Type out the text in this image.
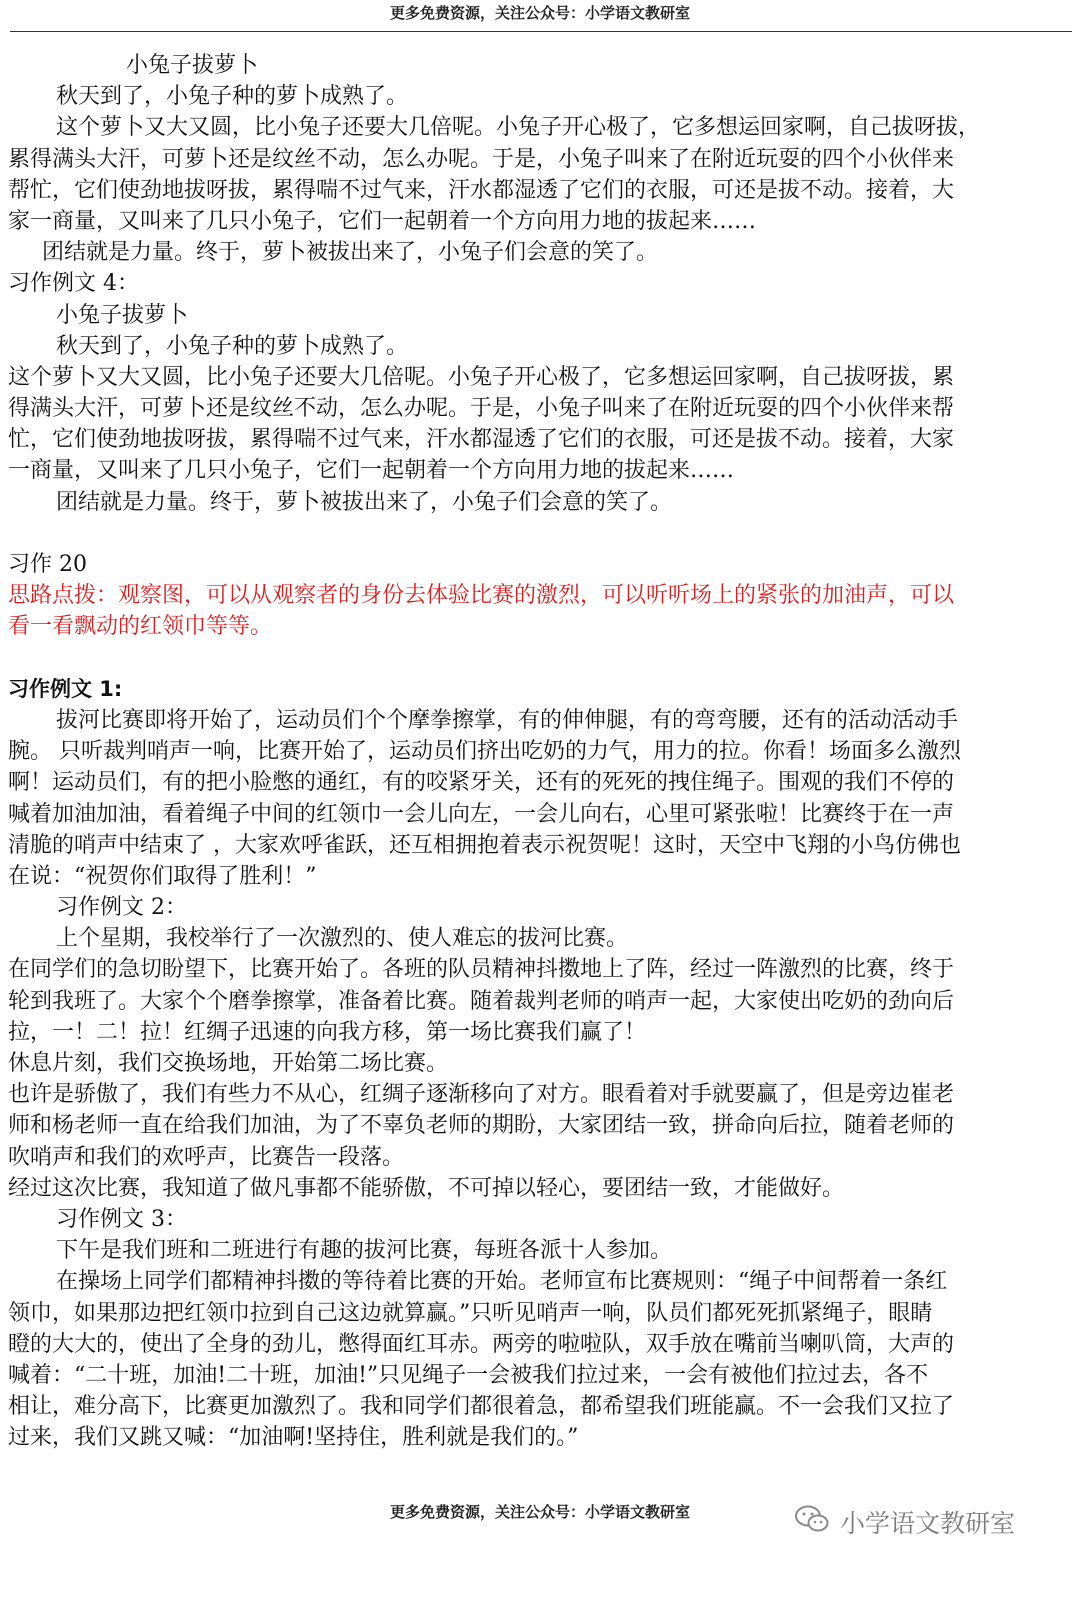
更多免费资源，关注公众号：小学语文教研室
小兔子拔萝卜
秋天到了，小兔子种的萝卜成熟了。
这个萝卜又大又圆，比小兔子还要大几倍呢。小兔子开心极了，它多想运回家啊，自己拔呀拔，
累得满头大汗，可萝卜还是纹丝不动，怎么办呢。于是，小兔子叫来了在附近玩耍的四个小伙伴来
帮忙，它们使劲地拔呀拔，累得喘不过气来，汗水都湿透了它们的衣服，可还是拔不动。接着，大
家一商量，又叫来了几只小兔子，它们一起朝着一个方向用力地的拔起来……
团结就是力量。终于，萝卜被拔出来了，小兔子们会意的笑了。
习作例文 4：
小兔子拔萝卜
秋天到了，小兔子种的萝卜成熟了。
这个萝卜又大又圆，比小兔子还要大几倍呢。小兔子开心极了，它多想运回家啊，自己拔呀拔，累
得满头大汗，可萝卜还是纹丝不动，怎么办呢。于是，小兔子叫来了在附近玩耍的四个小伙伴来帮
忙，它们使劲地拔呀拔，累得喘不过气来，汗水都湿透了它们的衣服，可还是拔不动。接着，大家
一商量，又叫来了几只小兔子，它们一起朝着一个方向用力地的拔起来……
团结就是力量。终于，萝卜被拔出来了，小兔子们会意的笑了。
习作 20
思路点拨：观察图，可以从观察者的身份去体验比赛的激烈，可以听听场上的紧张的加油声，可以
看一看飘动的红领巾等等。
习作例文 1:
拔河比赛即将开始了，运动员们个个摩拳擦掌，有的伸伸腿，有的弯弯腰，还有的活动活动手
腕。 只听裁判哨声一响，比赛开始了，运动员们挤出吃奶的力气，用力的拉。你看！场面多么激烈
啊！运动员们，有的把小脸憋的通红，有的咬紧牙关，还有的死死的拽住绳子。围观的我们不停的
喊着加油加油，看着绳子中间的红领巾一会儿向左，一会儿向右，心里可紧张啦！比赛终于在一声
清脆的哨声中结束了 ，大家欢呼雀跃，还互相拥抱着表示祝贺呢！这时，天空中飞翔的小鸟仿佛也
在说：“祝贺你们取得了胜利！”
习作例文 2：
上个星期，我校举行了一次激烈的、使人难忘的拔河比赛。
在同学们的急切盼望下，比赛开始了。各班的队员精神抖擞地上了阵，经过一阵激烈的比赛，终于
轮到我班了。大家个个磨拳擦掌，准备着比赛。随着裁判老师的哨声一起，大家使出吃奶的劲向后
拉，一！二！拉！红绸子迅速的向我方移，第一场比赛我们赢了！
休息片刻，我们交换场地，开始第二场比赛。
也许是骄傲了，我们有些力不从心，红绸子逐渐移向了对方。眼看着对手就要赢了，但是旁边崔老
师和杨老师一直在给我们加油，为了不辜负老师的期盼，大家团结一致，拼命向后拉，随着老师的
吹哨声和我们的欢呼声，比赛告一段落。
经过这次比赛，我知道了做凡事都不能骄傲，不可掉以轻心，要团结一致，才能做好。
习作例文 3：
下午是我们班和二班进行有趣的拔河比赛，每班各派十人参加。
在操场上同学们都精神抖擞的等待着比赛的开始。老师宣布比赛规则：“绳子中间帮着一条红
领巾，如果那边把红领巾拉到自己这边就算赢。”只听见哨声一响，队员们都死死抓紧绳子，眼睛
瞪的大大的，使出了全身的劲儿，憋得面红耳赤。两旁的啦啦队，双手放在嘴前当喇叭筒，大声的
喊着：“二十班，加油!二十班，加油!”只见绳子一会被我们拉过来，一会有被他们拉过去，各不
相让，难分高下，比赛更加激烈了。我和同学们都很着急，都希望我们班能赢。不一会我们又拉了
过来，我们又跳又喊：“加油啊!坚持住，胜利就是我们的。”
更多免费资源，关注公众号：小学语文教研室	小学语文教研室
